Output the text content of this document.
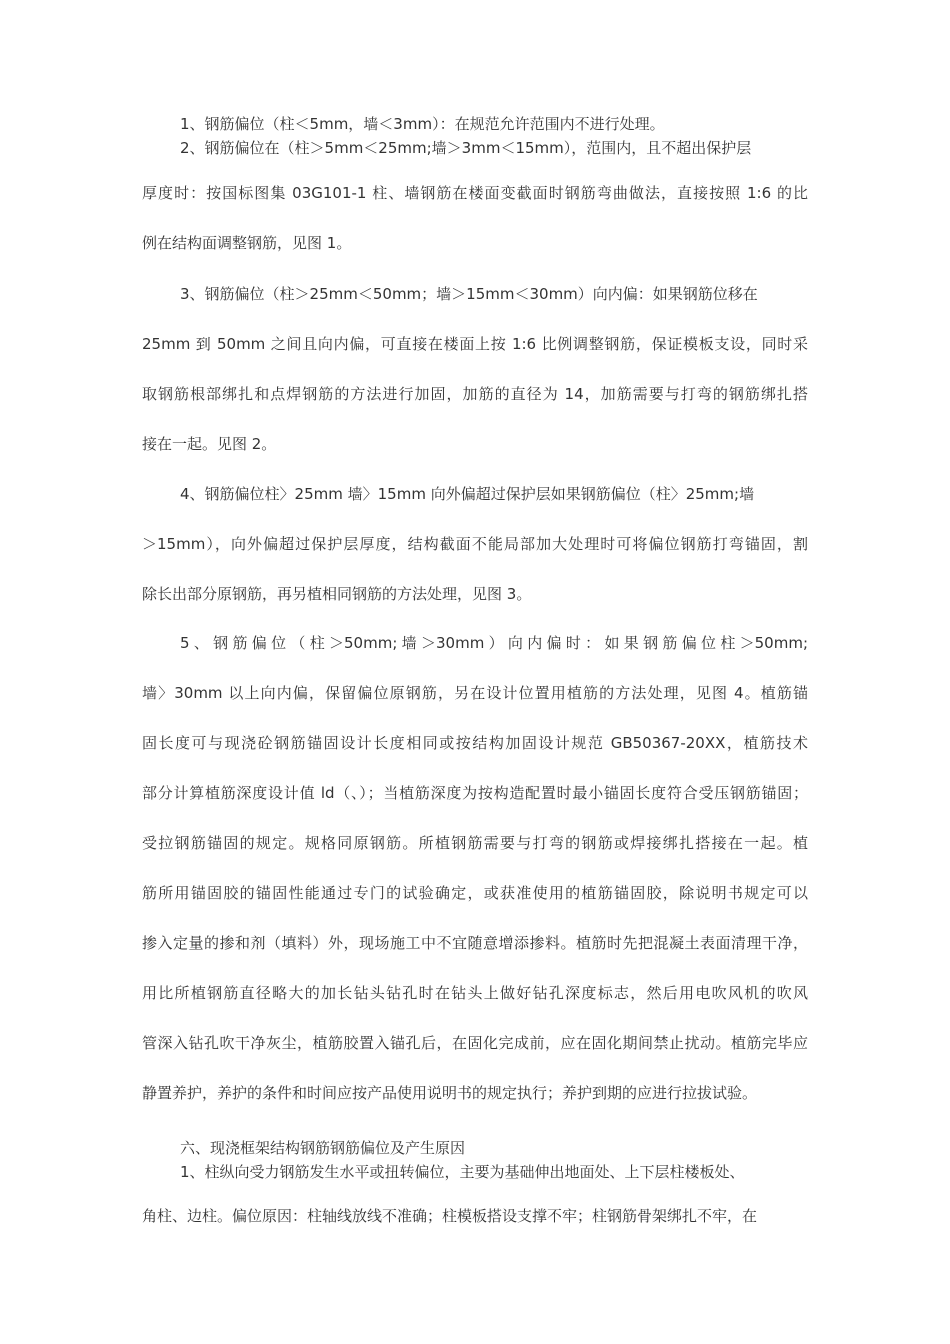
1、钢筋偏位（柱＜5mm，墙＜3mm）：在规范允许范围内不进行处理。
2、钢筋偏位在（柱＞5mm＜25mm;墙＞3mm＜15mm），范围内，且不超出保护层
厚度时：按国标图集 03G101-1 柱、墙钢筋在楼面变截面时钢筋弯曲做法，直接按照 1:6 的比
例在结构面调整钢筋，见图 1。
3、钢筋偏位（柱＞25mm＜50mm；墙＞15mm＜30mm）向内偏：如果钢筋位移在
25mm 到 50mm 之间且向内偏，可直接在楼面上按 1:6 比例调整钢筋，保证模板支设，同时采
取钢筋根部绑扎和点焊钢筋的方法进行加固，加筋的直径为 14，加筋需要与打弯的钢筋绑扎搭
接在一起。见图 2。
4、钢筋偏位柱〉25mm 墙〉15mm 向外偏超过保护层如果钢筋偏位（柱〉25mm;墙
＞15mm），向外偏超过保护层厚度，结构截面不能局部加大处理时可将偏位钢筋打弯锚固，割
除长出部分原钢筋，再另植相同钢筋的方法处理，见图 3。
5、钢筋偏位（柱＞50mm;墙＞30mm）向内偏时：如果钢筋偏位柱＞50mm;
墙〉30mm 以上向内偏，保留偏位原钢筋，另在设计位置用植筋的方法处理，见图 4。植筋锚
固长度可与现浇砼钢筋锚固设计长度相同或按结构加固设计规范 GB50367-20XX，植筋技术
部分计算植筋深度设计值 ld（、）；当植筋深度为按构造配置时最小锚固长度符合受压钢筋锚固；
受拉钢筋锚固的规定。规格同原钢筋。所植钢筋需要与打弯的钢筋或焊接绑扎搭接在一起。植
筋所用锚固胶的锚固性能通过专门的试验确定，或获准使用的植筋锚固胶，除说明书规定可以
掺入定量的掺和剂（填料）外，现场施工中不宜随意增添掺料。植筋时先把混凝土表面清理干净，
用比所植钢筋直径略大的加长钻头钻孔时在钻头上做好钻孔深度标志，然后用电吹风机的吹风
管深入钻孔吹干净灰尘，植筋胶置入锚孔后，在固化完成前，应在固化期间禁止扰动。植筋完毕应
静置养护，养护的条件和时间应按产品使用说明书的规定执行；养护到期的应进行拉拔试验。
六、现浇框架结构钢筋钢筋偏位及产生原因
1、柱纵向受力钢筋发生水平或扭转偏位，主要为基础伸出地面处、上下层柱楼板处、
角柱、边柱。偏位原因：柱轴线放线不准确；柱模板搭设支撑不牢；柱钢筋骨架绑扎不牢，在
